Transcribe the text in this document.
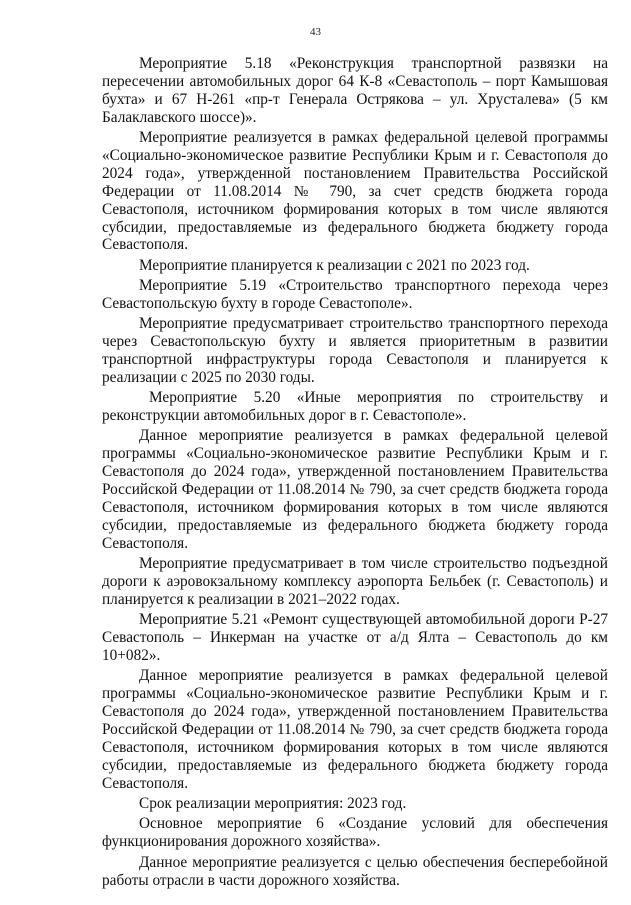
43

Мероприятие 5.18 «Реконструкция транспортной развязки на пересечении автомобильных дорог 64 К-8 «Севастополь – порт Камышовая бухта» и 67 Н-261 «пр-т Генерала Острякова – ул. Хрусталева» (5 км Балаклавского шоссе)».

Мероприятие реализуется в рамках федеральной целевой программы «Социально-экономическое развитие Республики Крым и г. Севастополя до 2024 года», утвержденной постановлением Правительства Российской Федерации от 11.08.2014 № 790, за счет средств бюджета города Севастополя, источником формирования которых в том числе являются субсидии, предоставляемые из федерального бюджета бюджету города Севастополя.

Мероприятие планируется к реализации с 2021 по 2023 год.

Мероприятие 5.19 «Строительство транспортного перехода через Севастопольскую бухту в городе Севастополе».

Мероприятие предусматривает строительство транспортного перехода через Севастопольскую бухту и является приоритетным в развитии транспортной инфраструктуры города Севастополя и планируется к реализации с 2025 по 2030 годы.

Мероприятие 5.20 «Иные мероприятия по строительству и реконструкции автомобильных дорог в г. Севастополе».

Данное мероприятие реализуется в рамках федеральной целевой программы «Социально-экономическое развитие Республики Крым и г. Севастополя до 2024 года», утвержденной постановлением Правительства Российской Федерации от 11.08.2014 № 790, за счет средств бюджета города Севастополя, источником формирования которых в том числе являются субсидии, предоставляемые из федерального бюджета бюджету города Севастополя.

Мероприятие предусматривает в том числе строительство подъездной дороги к аэровокзальному комплексу аэропорта Бельбек (г. Севастополь) и планируется к реализации в 2021–2022 годах.

Мероприятие 5.21 «Ремонт существующей автомобильной дороги Р-27 Севастополь – Инкерман на участке от а/д Ялта – Севастополь до км 10+082».

Данное мероприятие реализуется в рамках федеральной целевой программы «Социально-экономическое развитие Республики Крым и г. Севастополя до 2024 года», утвержденной постановлением Правительства Российской Федерации от 11.08.2014 № 790, за счет средств бюджета города Севастополя, источником формирования которых в том числе являются субсидии, предоставляемые из федерального бюджета бюджету города Севастополя.

Срок реализации мероприятия: 2023 год.

Основное мероприятие 6 «Создание условий для обеспечения функционирования дорожного хозяйства».

Данное мероприятие реализуется с целью обеспечения бесперебойной работы отрасли в части дорожного хозяйства.
